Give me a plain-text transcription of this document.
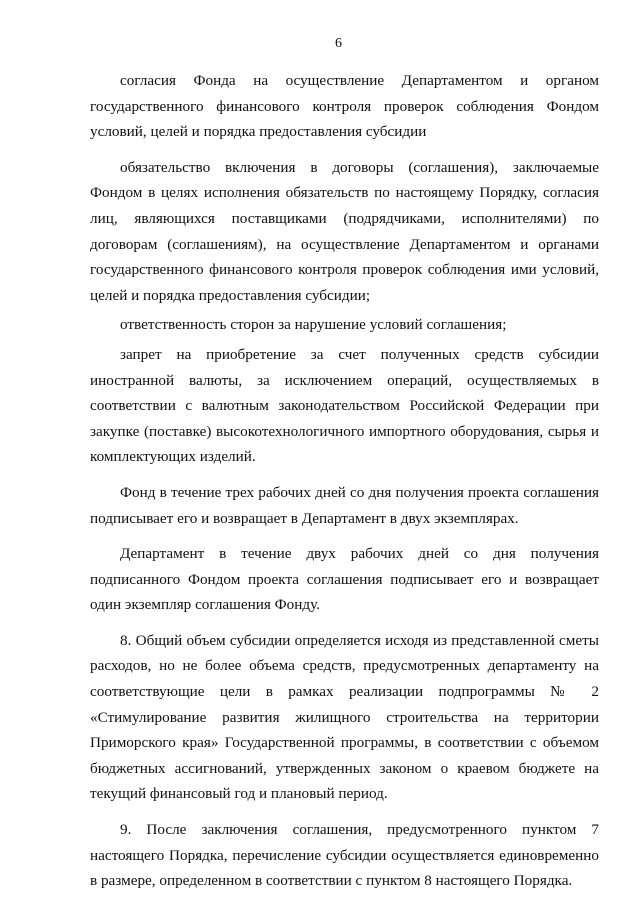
6

согласия Фонда на осуществление Департаментом и органом государственного финансового контроля проверок соблюдения Фондом условий, целей и порядка предоставления субсидии

обязательство включения в договоры (соглашения), заключаемые Фондом в целях исполнения обязательств по настоящему Порядку, согласия лиц, являющихся поставщиками (подрядчиками, исполнителями) по договорам (соглашениям), на осуществление Департаментом и органами государственного финансового контроля проверок соблюдения ими условий, целей и порядка предоставления субсидии;

ответственность сторон за нарушение условий соглашения;

запрет на приобретение за счет полученных средств субсидии иностранной валюты, за исключением операций, осуществляемых в соответствии с валютным законодательством Российской Федерации при закупке (поставке) высокотехнологичного импортного оборудования, сырья и комплектующих изделий.

Фонд в течение трех рабочих дней со дня получения проекта соглашения подписывает его и возвращает в Департамент в двух экземплярах.

Департамент в течение двух рабочих дней со дня получения подписанного Фондом проекта соглашения подписывает его и возвращает один экземпляр соглашения Фонду.

8. Общий объем субсидии определяется исходя из представленной сметы расходов, но не более объема средств, предусмотренных департаменту на соответствующие цели в рамках реализации подпрограммы № 2 «Стимулирование развития жилищного строительства на территории Приморского края» Государственной программы, в соответствии с объемом бюджетных ассигнований, утвержденных законом о краевом бюджете на текущий финансовый год и плановый период.

9. После заключения соглашения, предусмотренного пунктом 7 настоящего Порядка, перечисление субсидии осуществляется единовременно в размере, определенном в соответствии с пунктом 8 настоящего Порядка.
